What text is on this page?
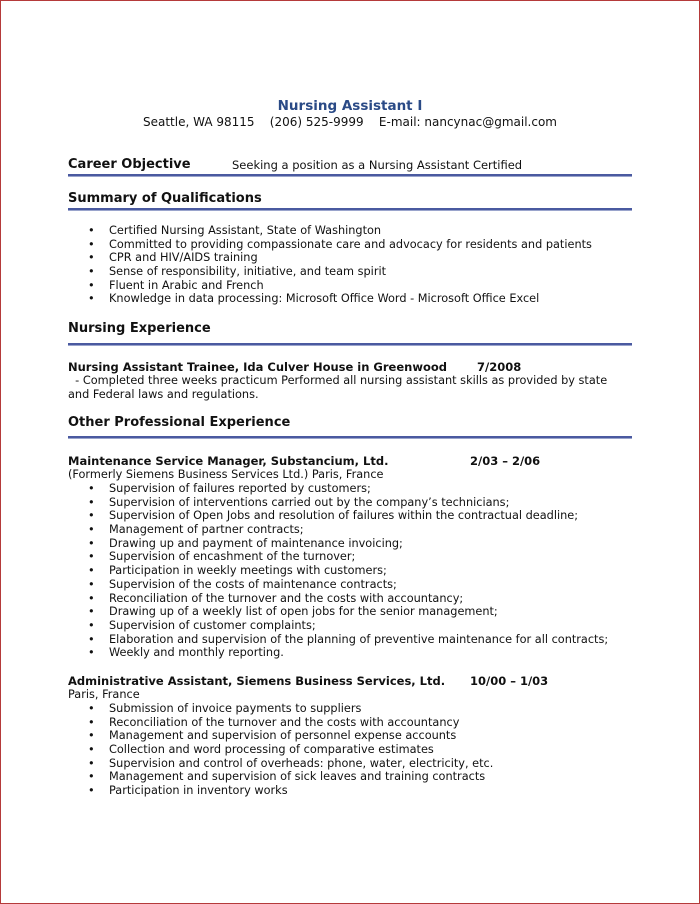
Nursing Assistant I
Seattle, WA 98115 (206) 525-9999 E-mail: nancynac@gmail.com
Career Objective	Seeking a position as a Nursing Assistant Certified
Summary of Qualifications
• Certified Nursing Assistant, State of Washington
• Committed to providing compassionate care and advocacy for residents and patients
• CPR and HIV/AIDS training
• Sense of responsibility, initiative, and team spirit
• Fluent in Arabic and French
• Knowledge in data processing: Microsoft Office Word - Microsoft Office Excel
Nursing Experience
Nursing Assistant Trainee, Ida Culver House in Greenwood	7/2008
- Completed three weeks practicum Performed all nursing assistant skills as provided by state
and Federal laws and regulations.
Other Professional Experience
Maintenance Service Manager, Substancium, Ltd.	2/03 – 2/06
(Formerly Siemens Business Services Ltd.) Paris, France
• Supervision of failures reported by customers;
• Supervision of interventions carried out by the company’s technicians;
• Supervision of Open Jobs and resolution of failures within the contractual deadline;
• Management of partner contracts;
• Drawing up and payment of maintenance invoicing;
• Supervision of encashment of the turnover;
• Participation in weekly meetings with customers;
• Supervision of the costs of maintenance contracts;
• Reconciliation of the turnover and the costs with accountancy;
• Drawing up of a weekly list of open jobs for the senior management;
• Supervision of customer complaints;
• Elaboration and supervision of the planning of preventive maintenance for all contracts;
• Weekly and monthly reporting.
Administrative Assistant, Siemens Business Services, Ltd. 10/00 – 1/03
Paris, France
• Submission of invoice payments to suppliers
• Reconciliation of the turnover and the costs with accountancy
• Management and supervision of personnel expense accounts
• Collection and word processing of comparative estimates
• Supervision and control of overheads: phone, water, electricity, etc.
• Management and supervision of sick leaves and training contracts
• Participation in inventory works
